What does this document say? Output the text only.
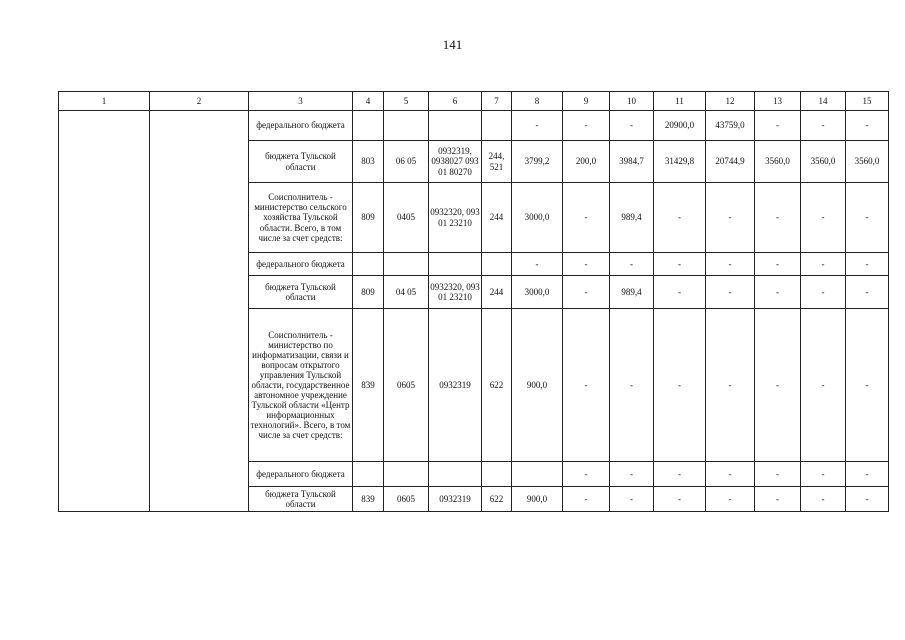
141
1	2	3	4	5	6	7	8	9	10	11	12	13	14	15
		федерального бюджета					-	-	-	20900,0	43759,0	-	-	-
		бюджета Тульской области	803	06 05	0932319, 0938027 093 01 80270	244, 521	3799,2	200,0	3984,7	31429,8	20744,9	3560,0	3560,0	3560,0
		Соисполнитель - министерство сельского хозяйства Тульской области. Всего, в том числе за счет средств:	809	0405	0932320, 093 01 23210	244	3000,0	-	989,4	-	-	-	-	-
		федерального бюджета					-	-	-	-	-	-	-	-
		бюджета Тульской области	809	04 05	0932320, 093 01 23210	244	3000,0	-	989,4	-	-	-	-	-
		Соисполнитель - министерство по информатизации, связи и вопросам открытого управления Тульской области, государственное автономное учреждение Тульской области «Центр информационных технологий». Всего, в том числе за счет средств:	839	0605	0932319	622	900,0	-	-	-	-	-	-	-
		федерального бюджета						-	-	-	-	-	-	-
		бюджета Тульской области	839	0605	0932319	622	900,0	-	-	-	-	-	-	-
